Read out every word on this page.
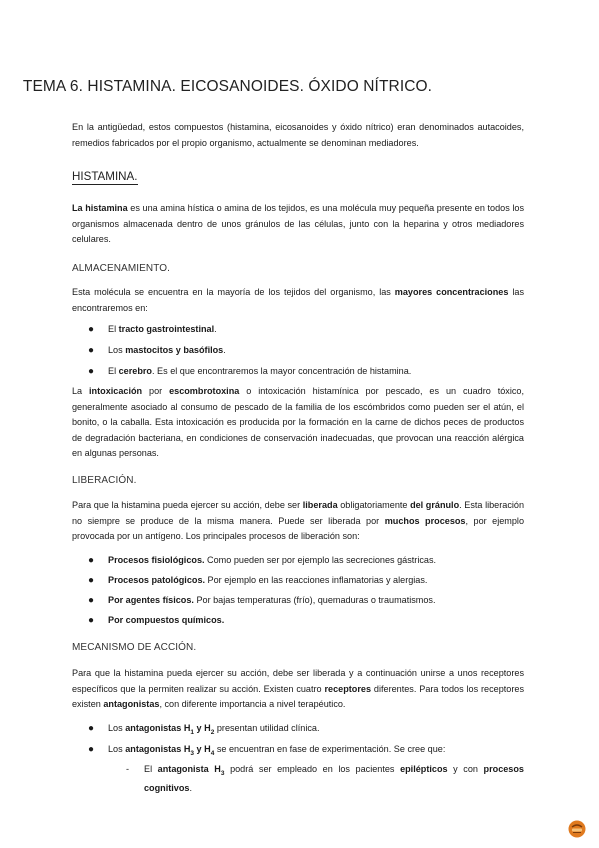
TEMA 6. HISTAMINA. EICOSANOIDES. ÓXIDO NÍTRICO.

En la antigüedad, estos compuestos (histamina, eicosanoides y óxido nítrico) eran denominados autacoides, remedios fabricados por el propio organismo, actualmente se denominan mediadores.

HISTAMINA.

La histamina es una amina hística o amina de los tejidos, es una molécula muy pequeña presente en todos los organismos almacenada dentro de unos gránulos de las células, junto con la heparina y otros mediadores celulares.

ALMACENAMIENTO.

Esta molécula se encuentra en la mayoría de los tejidos del organismo, las mayores concentraciones las encontraremos en:

● El tracto gastrointestinal.
● Los mastocitos y basófilos.
● El cerebro. Es el que encontraremos la mayor concentración de histamina.

La intoxicación por escombrotoxina o intoxicación histamínica por pescado, es un cuadro tóxico, generalmente asociado al consumo de pescado de la familia de los escómbridos como pueden ser el atún, el bonito, o la caballa. Esta intoxicación es producida por la formación en la carne de dichos peces de productos de degradación bacteriana, en condiciones de conservación inadecuadas, que provocan una reacción alérgica en algunas personas.

LIBERACIÓN.

Para que la histamina pueda ejercer su acción, debe ser liberada obligatoriamente del gránulo. Esta liberación no siempre se produce de la misma manera. Puede ser liberada por muchos procesos, por ejemplo provocada por un antígeno. Los principales procesos de liberación son:

● Procesos fisiológicos. Como pueden ser por ejemplo las secreciones gástricas.
● Procesos patológicos. Por ejemplo en las reacciones inflamatorias y alergias.
● Por agentes físicos. Por bajas temperaturas (frío), quemaduras o traumatismos.
● Por compuestos químicos.
MECANISMO DE ACCIÓN.

Para que la histamina pueda ejercer su acción, debe ser liberada y a continuación unirse a unos receptores específicos que la permiten realizar su acción. Existen cuatro receptores diferentes. Para todos los receptores existen antagonistas, con diferente importancia a nivel terapéutico.

● Los antagonistas $H_1$ y $H_2$ presentan utilidad clínica.
● Los antagonistas $H_3$ y $H_4$ se encuentran en fase de experimentación. Se cree que:
- El antagonista $H_3$ podrá ser empleado en los pacientes epilépticos y con procesos cognitivos.
